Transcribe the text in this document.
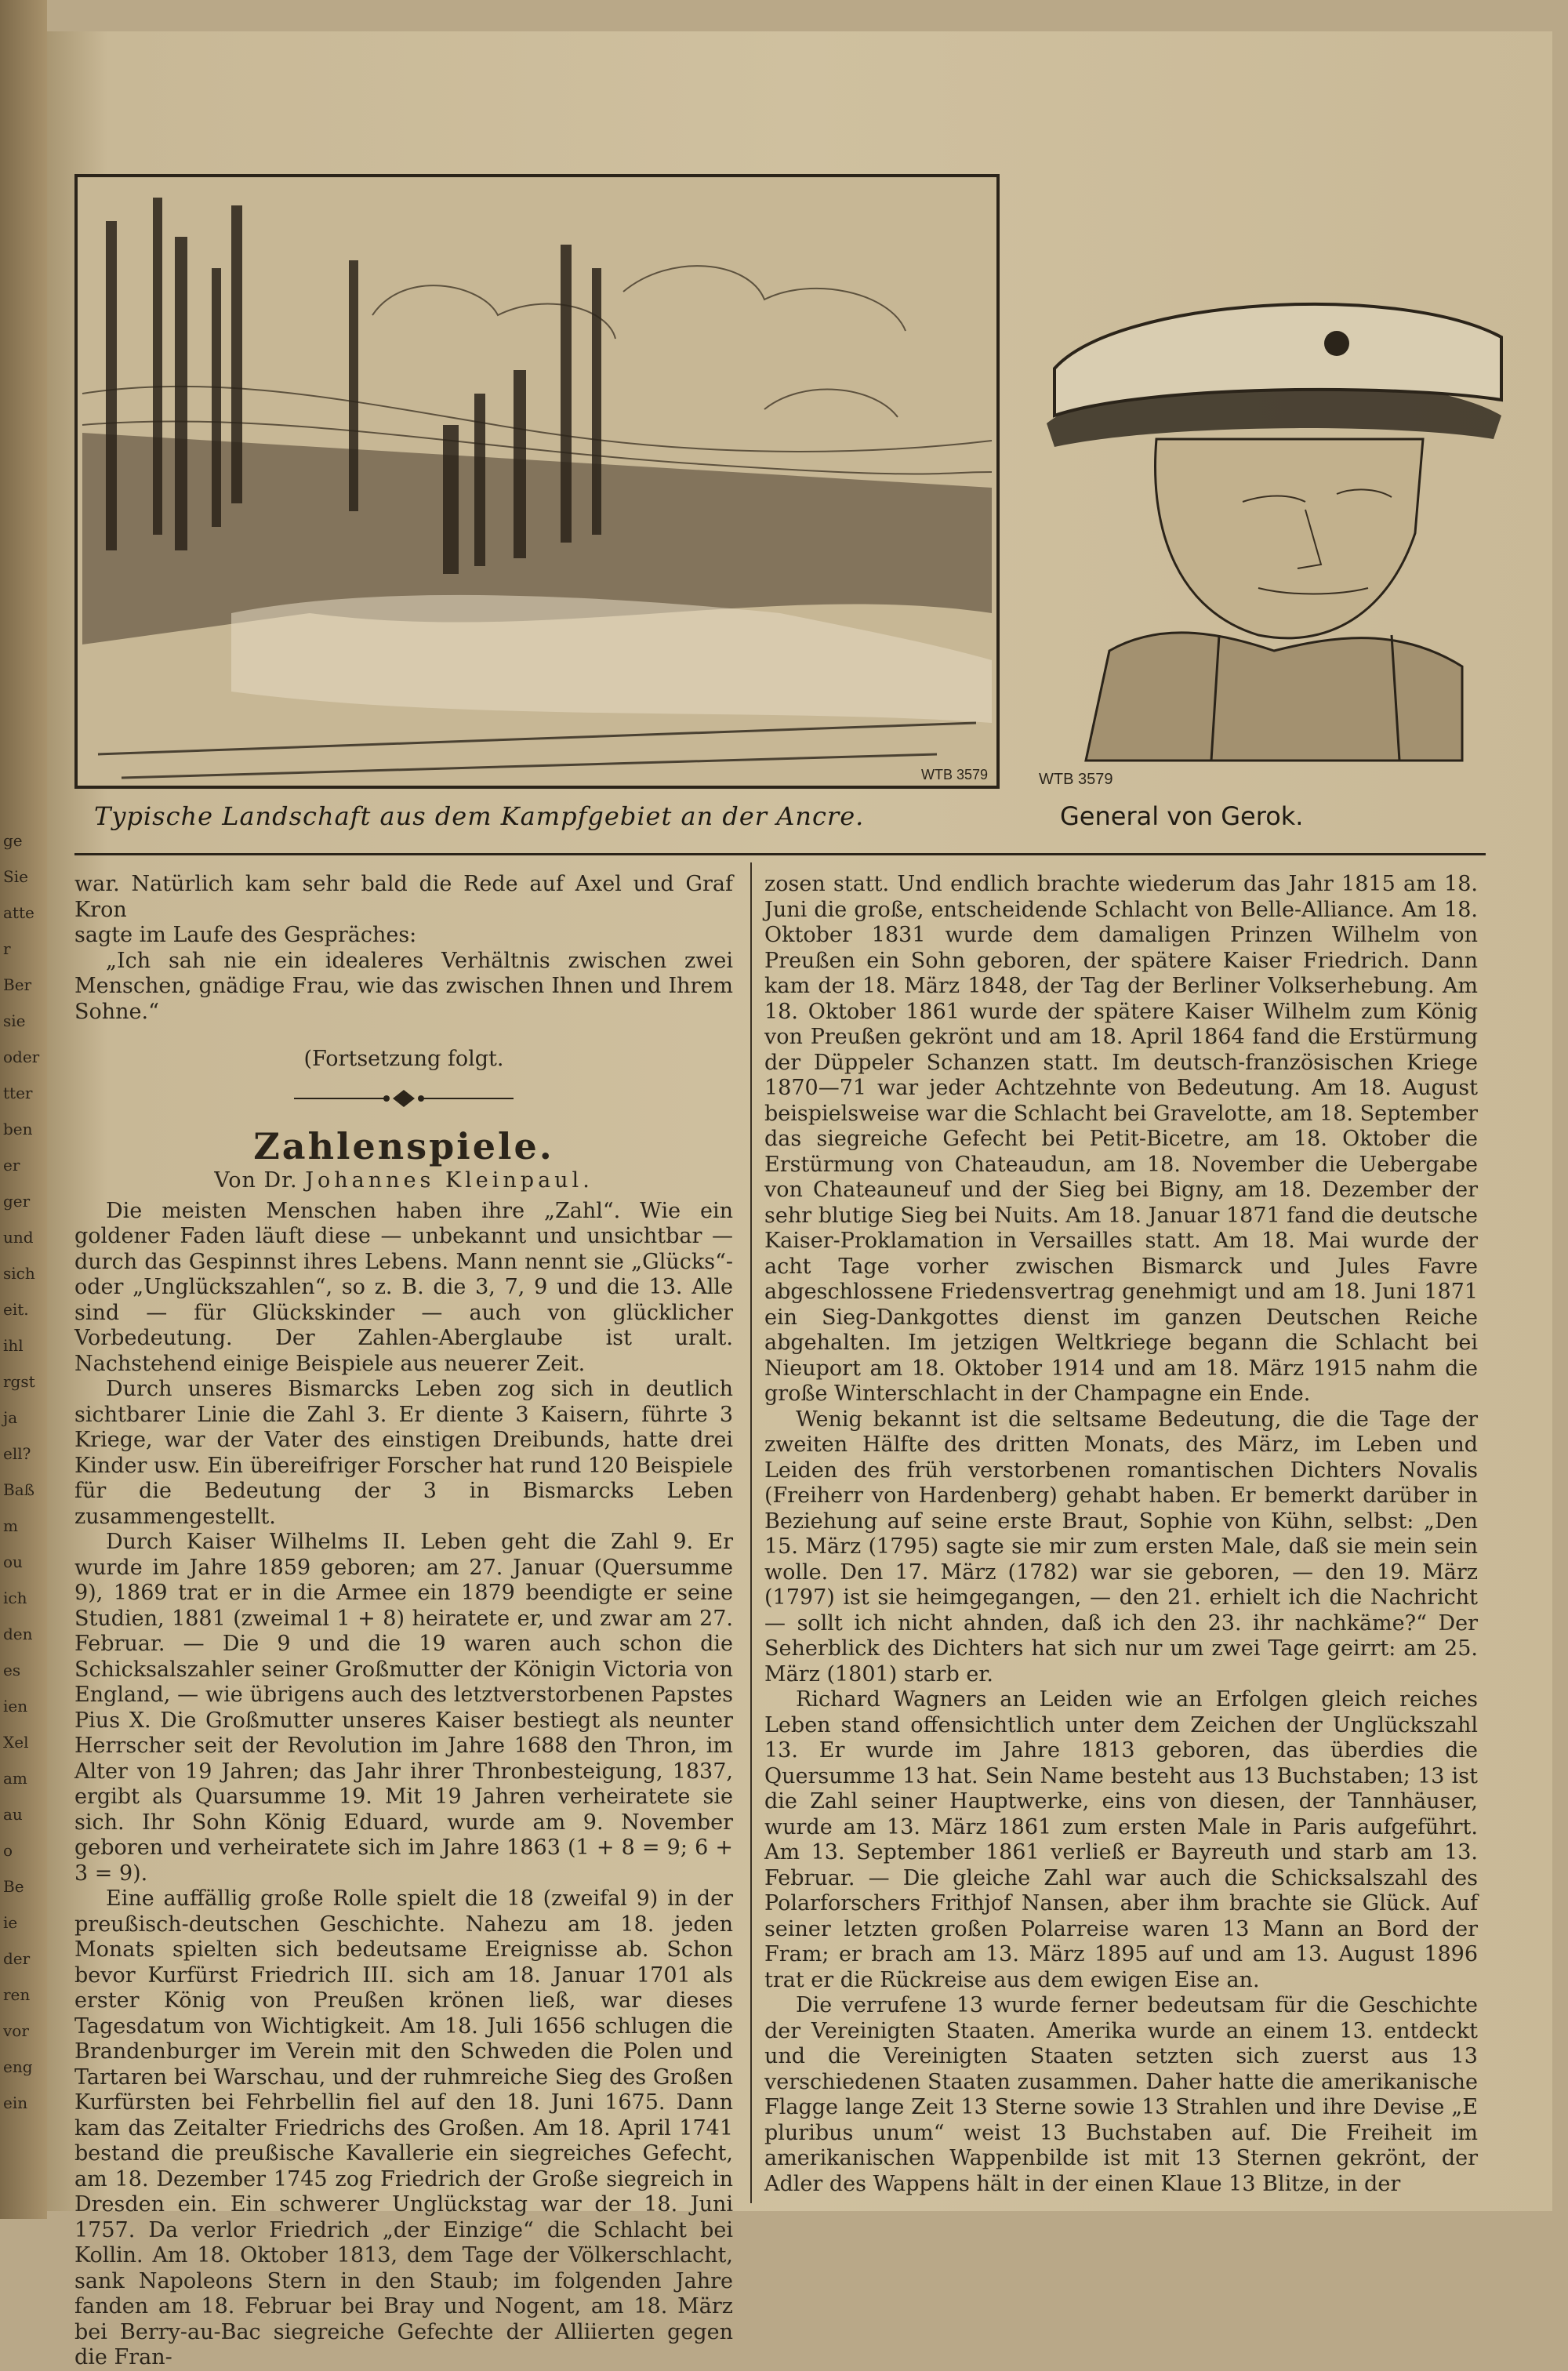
ge
Sie
atte
r
Ber
sie
oder
tter
ben
er
ger
und
sich
eit.
ihl
rgst
ja
ell?
Baß
m
ou
ich
den
es
ien
Xel
am
au
o
Be
ie
der
ren
vor
eng
ein
WTB 3579
Typische Landschaft aus dem Kampfgebiet an der Ancre.
WTB 3579
General von Gerok.

war. Natürlich kam sehr bald die Rede auf Axel und Graf Kron

sagte im Laufe des Gespräches:

„Ich sah nie ein idealeres Verhältnis zwischen zwei Menschen, gnädige Frau, wie das zwischen Ihnen und Ihrem Sohne.“

(Fortsetzung folgt.
Zahlenspiele.
Von Dr. Johannes Kleinpaul.

Die meisten Menschen haben ihre „Zahl“. Wie ein goldener Faden läuft diese — unbekannt und unsichtbar — durch das Gespinnst ihres Lebens. Mann nennt sie „Glücks“- oder „Unglückszahlen“, so z. B. die 3, 7, 9 und die 13. Alle sind — für Glückskinder — auch von glücklicher Vorbedeutung. Der Zahlen-Aberglaube ist uralt. Nachstehend einige Beispiele aus neuerer Zeit.

Durch unseres Bismarcks Leben zog sich in deutlich sichtbarer Linie die Zahl 3. Er diente 3 Kaisern, führte 3 Kriege, war der Vater des einstigen Dreibunds, hatte drei Kinder usw. Ein übereifriger Forscher hat rund 120 Beispiele für die Bedeutung der 3 in Bismarcks Leben zusammengestellt.

Durch Kaiser Wilhelms II. Leben geht die Zahl 9. Er wurde im Jahre 1859 geboren; am 27. Januar (Quersumme 9), 1869 trat er in die Armee ein 1879 beendigte er seine Studien, 1881 (zweimal 1 + 8) heiratete er, und zwar am 27. Februar. — Die 9 und die 19 waren auch schon die Schicksalszahler seiner Großmutter der Königin Victoria von England, — wie übrigens auch des letztverstorbenen Papstes Pius X. Die Großmutter unseres Kaiser bestiegt als neunter Herrscher seit der Revolution im Jahre 1688 den Thron, im Alter von 19 Jahren; das Jahr ihrer Thronbesteigung, 1837, ergibt als Quarsumme 19. Mit 19 Jahren verheiratete sie sich. Ihr Sohn König Eduard, wurde am 9. November geboren und verheiratete sich im Jahre 1863 (1 + 8 = 9; 6 + 3 = 9).

Eine auffällig große Rolle spielt die 18 (zweifal 9) in der preußisch-deutschen Geschichte. Nahezu am 18. jeden Monats spielten sich bedeutsame Ereignisse ab. Schon bevor Kurfürst Friedrich III. sich am 18. Januar 1701 als erster König von Preußen krönen ließ, war dieses Tagesdatum von Wichtigkeit. Am 18. Juli 1656 schlugen die Brandenburger im Verein mit den Schweden die Polen und Tartaren bei Warschau, und der ruhmreiche Sieg des Großen Kurfürsten bei Fehrbellin fiel auf den 18. Juni 1675. Dann kam das Zeitalter Friedrichs des Großen. Am 18. April 1741 bestand die preußische Kavallerie ein siegreiches Gefecht, am 18. Dezember 1745 zog Friedrich der Große siegreich in Dresden ein. Ein schwerer Unglückstag war der 18. Juni 1757. Da verlor Friedrich „der Einzige“ die Schlacht bei Kollin. Am 18. Oktober 1813, dem Tage der Völkerschlacht, sank Napoleons Stern in den Staub; im folgenden Jahre fanden am 18. Februar bei Bray und Nogent, am 18. März bei Berry-au-Bac siegreiche Gefechte der Alliierten gegen die Fran-

zosen statt. Und endlich brachte wiederum das Jahr 1815 am 18. Juni die große, entscheidende Schlacht von Belle-Alliance. Am 18. Oktober 1831 wurde dem damaligen Prinzen Wilhelm von Preußen ein Sohn geboren, der spätere Kaiser Friedrich. Dann kam der 18. März 1848, der Tag der Berliner Volkserhebung. Am 18. Oktober 1861 wurde der spätere Kaiser Wilhelm zum König von Preußen gekrönt und am 18. April 1864 fand die Erstürmung der Düppeler Schanzen statt. Im deutsch-französischen Kriege 1870—71 war jeder Achtzehnte von Bedeutung. Am 18. August beispielsweise war die Schlacht bei Gravelotte, am 18. September das siegreiche Gefecht bei Petit-Bicetre, am 18. Oktober die Erstürmung von Chateaudun, am 18. November die Uebergabe von Chateauneuf und der Sieg bei Bigny, am 18. Dezember der sehr blutige Sieg bei Nuits. Am 18. Januar 1871 fand die deutsche Kaiser-Proklamation in Versailles statt. Am 18. Mai wurde der acht Tage vorher zwischen Bismarck und Jules Favre abgeschlossene Friedensvertrag genehmigt und am 18. Juni 1871 ein Sieg-Dankgottes dienst im ganzen Deutschen Reiche abgehalten. Im jetzigen Weltkriege begann die Schlacht bei Nieuport am 18. Oktober 1914 und am 18. März 1915 nahm die große Winterschlacht in der Champagne ein Ende.

Wenig bekannt ist die seltsame Bedeutung, die die Tage der zweiten Hälfte des dritten Monats, des März, im Leben und Leiden des früh verstorbenen romantischen Dichters Novalis (Freiherr von Hardenberg) gehabt haben. Er bemerkt darüber in Beziehung auf seine erste Braut, Sophie von Kühn, selbst: „Den 15. März (1795) sagte sie mir zum ersten Male, daß sie mein sein wolle. Den 17. März (1782) war sie geboren, — den 19. März (1797) ist sie heimgegangen, — den 21. erhielt ich die Nachricht — sollt ich nicht ahnden, daß ich den 23. ihr nachkäme?“ Der Seherblick des Dichters hat sich nur um zwei Tage geirrt: am 25. März (1801) starb er.

Richard Wagners an Leiden wie an Erfolgen gleich reiches Leben stand offensichtlich unter dem Zeichen der Unglückszahl 13. Er wurde im Jahre 1813 geboren, das überdies die Quersumme 13 hat. Sein Name besteht aus 13 Buchstaben; 13 ist die Zahl seiner Hauptwerke, eins von diesen, der Tannhäuser, wurde am 13. März 1861 zum ersten Male in Paris aufgeführt. Am 13. September 1861 verließ er Bayreuth und starb am 13. Februar. — Die gleiche Zahl war auch die Schicksalszahl des Polarforschers Frithjof Nansen, aber ihm brachte sie Glück. Auf seiner letzten großen Polarreise waren 13 Mann an Bord der Fram; er brach am 13. März 1895 auf und am 13. August 1896 trat er die Rückreise aus dem ewigen Eise an.

Die verrufene 13 wurde ferner bedeutsam für die Geschichte der Vereinigten Staaten. Amerika wurde an einem 13. entdeckt und die Vereinigten Staaten setzten sich zuerst aus 13 verschiedenen Staaten zusammen. Daher hatte die amerikanische Flagge lange Zeit 13 Sterne sowie 13 Strahlen und ihre Devise „E pluribus unum“ weist 13 Buchstaben auf. Die Freiheit im amerikanischen Wappenbilde ist mit 13 Sternen gekrönt, der Adler des Wappens hält in der einen Klaue 13 Blitze, in der
